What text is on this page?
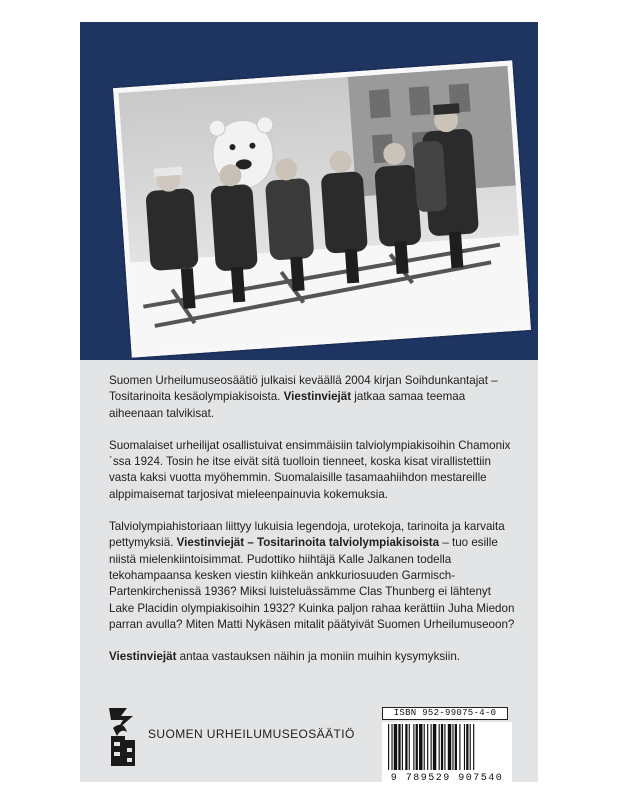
Suomen Urheilumuseosäätiö julkaisi keväällä 2004 kirjan Soihdunkantajat – Tositarinoita kesäolympiakisoista. Viestinviejät jatkaa samaa teemaa aiheenaan talvikisat.

Suomalaiset urheilijat osallistuivat ensimmäisiin talviolympiakisoihin Chamonix´ssa 1924. Tosin he itse eivät sitä tuolloin tienneet, koska kisat virallistettiin vasta kaksi vuotta myöhemmin. Suomalaisille tasamaahiihdon mestareille alppimaisemat tarjosivat mieleenpainuvia kokemuksia.

Talviolympiahistoriaan liittyy lukuisia legendoja, urotekoja, tarinoita ja karvaita pettymyksiä. Viestinviejät – Tositarinoita talviolympiakisoista – tuo esille niistä mielenkiintoisimmat. Pudottiko hiihtäjä Kalle Jalkanen todella tekohampaansa kesken viestin kiihkeän ankkuriosuuden Garmisch-Partenkirchenissä 1936? Miksi luisteluässämme Clas Thunberg ei lähtenyt Lake Placidin olympiakisoihin 1932? Kuinka paljon rahaa kerättiin Juha Miedon parran avulla? Miten Matti Nykäsen mitalit päätyivät Suomen Urheilumuseoon?

Viestinviejät antaa vastauksen näihin ja moniin muihin kysymyksiin.

SUOMEN URHEILUMUSEOSÄÄTIÖ
ISBN 952-99075-4-0
9 789529 907540
